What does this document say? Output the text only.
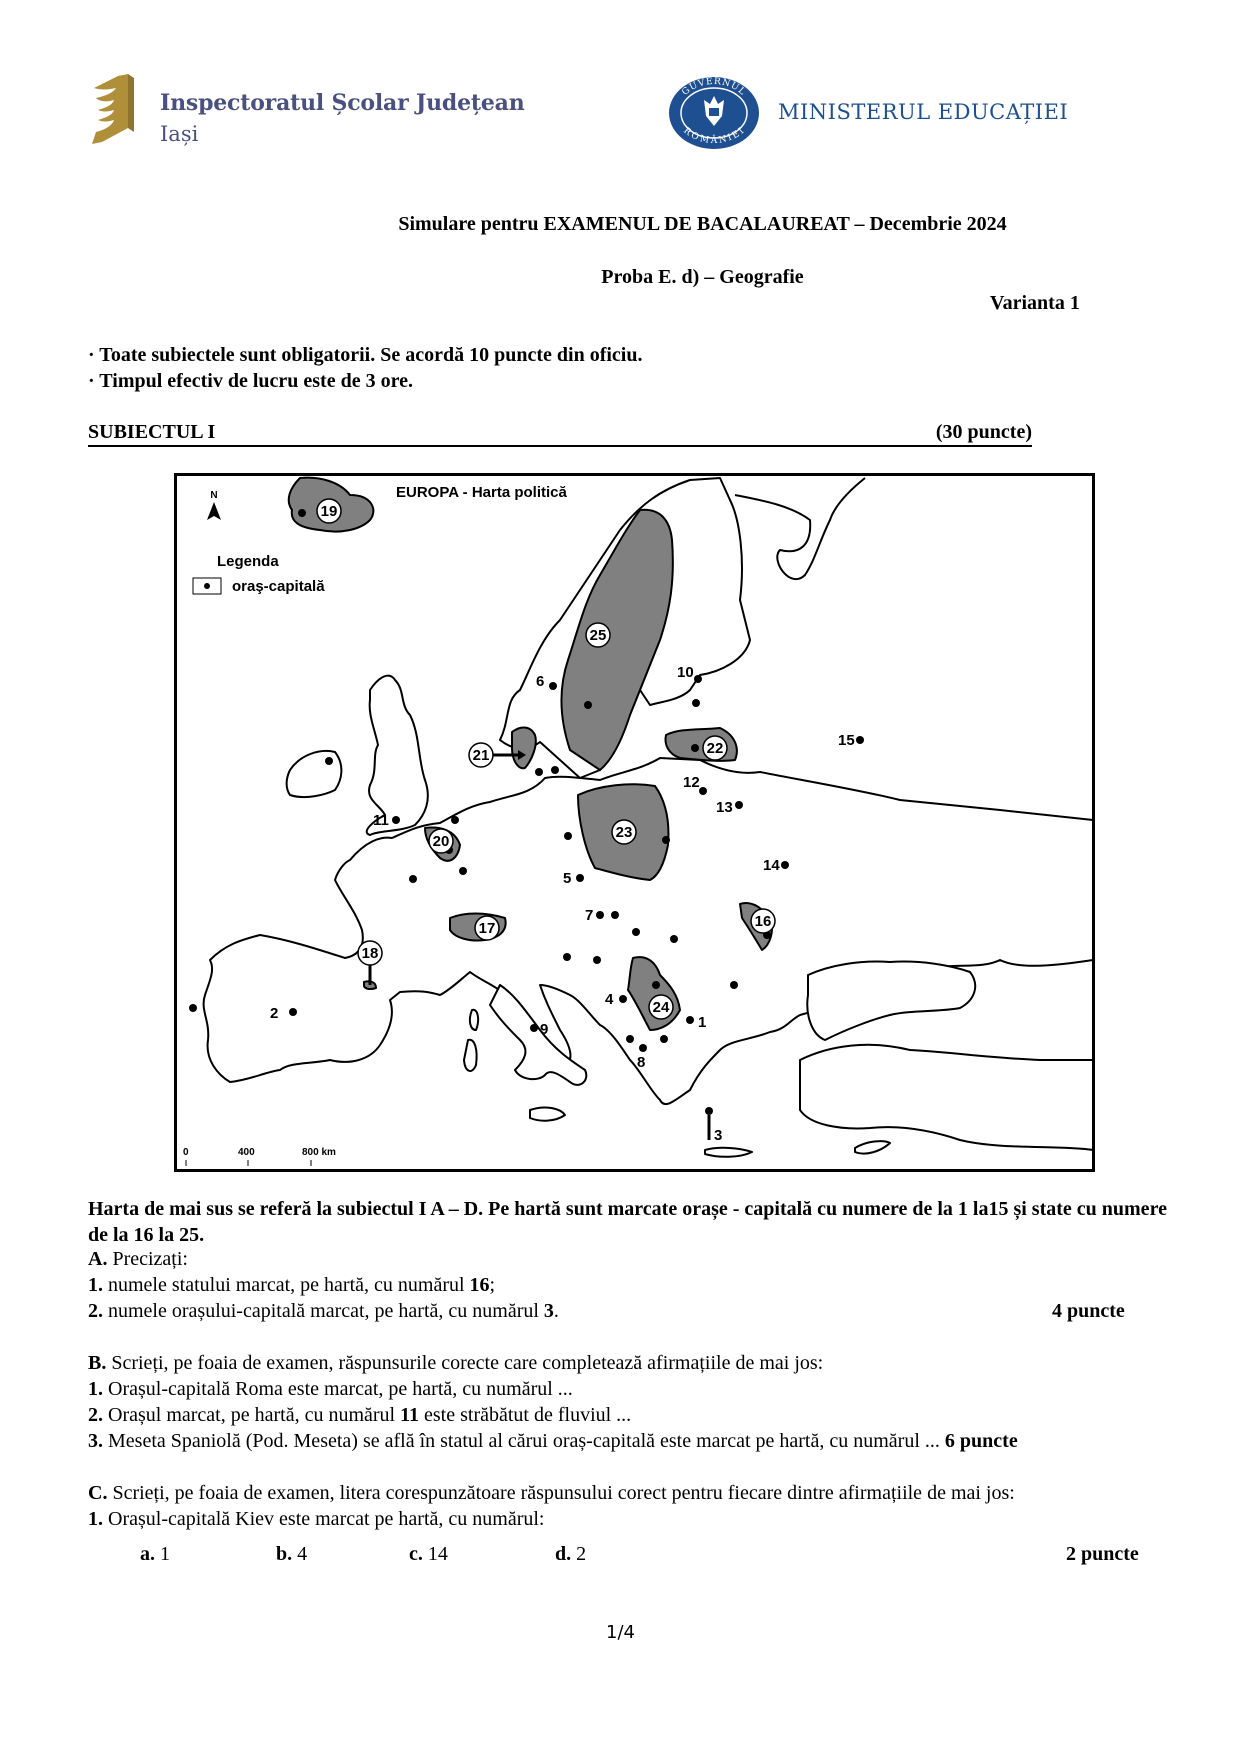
Inspectoratul Școlar Județean
Iași
GUVERNUL
ROMÂNIEI
MINISTERUL EDUCAȚIEI
Simulare pentru EXAMENUL DE BACALAUREAT – Decembrie 2024
Proba E. d) – Geografie
Varianta 1
· Toate subiectele sunt obligatorii. Se acordă 10 puncte din oficiu.
· Timpul efectiv de lucru este de 3 ore.
SUBIECTUL I	(30 puncte)
EUROPA - Harta politică
N
Legenda
oraş-capitală
0	400	800 km
1
2
3
4
5
6
7
8
9
10
11
12
13
14
15
16
17
18
19
20
21	22
23
24
25
Harta de mai sus se referă la subiectul I A – D. Pe hartă sunt marcate orașe - capitală cu numere de la 1 la15 și state cu numere de la 16 la 25.
A. Precizați:
1. numele statului marcat, pe hartă, cu numărul 16;
2. numele orașului-capitală marcat, pe hartă, cu numărul 3.	4 puncte
B. Scrieți, pe foaia de examen, răspunsurile corecte care completează afirmațiile de mai jos:
1. Orașul-capitală Roma este marcat, pe hartă, cu numărul ...
2. Orașul marcat, pe hartă, cu numărul 11 este străbătut de fluviul ...
3. Meseta Spaniolă (Pod. Meseta) se află în statul al cărui oraș-capitală este marcat pe hartă, cu numărul ... 6 puncte
C. Scrieți, pe foaia de examen, litera corespunzătoare răspunsului corect pentru fiecare dintre afirmațiile de mai jos:
1. Orașul-capitală Kiev este marcat pe hartă, cu numărul:
a. 1	b. 4	c. 14	d. 2	2 puncte
1/4
